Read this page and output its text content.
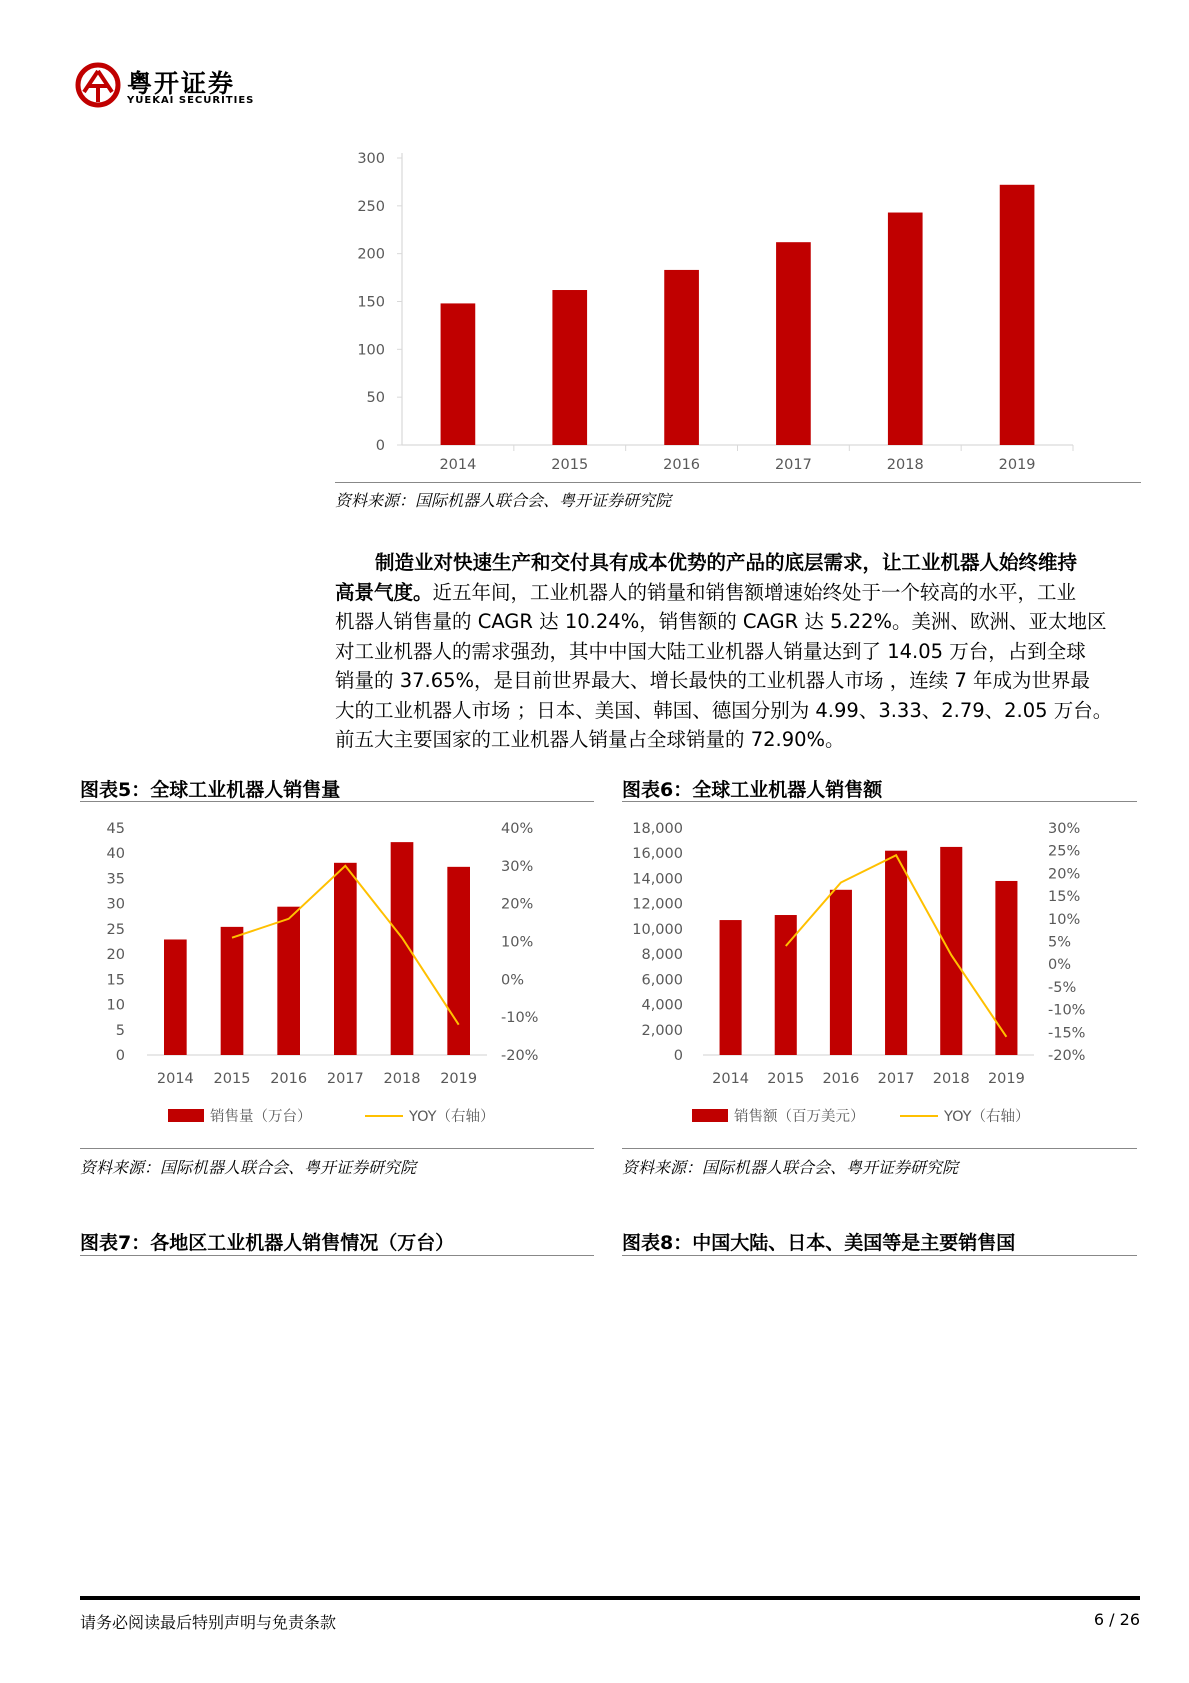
粤开证券
YUEKAI SECURITIES
0
50
100
150
200
250
300
2014	2015	2016	2017	2018	2019
资料来源：国际机器人联合会、粤开证券研究院

制造业对快速生产和交付具有成本优势的产品的底层需求，让工业机器人始终维持

高景气度。近五年间，工业机器人的销量和销售额增速始终处于一个较高的水平，工业

机器人销售量的 CAGR 达 10.24%，销售额的 CAGR 达 5.22%。美洲、欧洲、亚太地区

对工业机器人的需求强劲，其中中国大陆工业机器人销量达到了 14.05 万台，占到全球

销量的 37.65%，是目前世界最大、增长最快的工业机器人市场 ，连续 7 年成为世界最

大的工业机器人市场 ；日本、美国、韩国、德国分别为 4.99、3.33、2.79、2.05 万台。

前五大主要国家的工业机器人销量占全球销量的 72.90%。

图表5：全球工业机器人销售量
0
5
10
15
20
25
30
35
40
45
2014 2015 2016 2017 2018 2019
-20%
-10%
0%
10%
20%
30%
40%
销售量（万台）	YOY（右轴）
资料来源：国际机器人联合会、粤开证券研究院
图表6：全球工业机器人销售额
0
2,000
4,000
6,000
8,000
10,000
12,000
14,000
16,000
18,000
2014 2015 2016 2017 2018 2019
-20%
-15%
-10%
-5%
0%
5%
10%
15%
20%
25%
30%
销售额（百万美元）	YOY（右轴）
资料来源：国际机器人联合会、粤开证券研究院
图表7：各地区工业机器人销售情况（万台）	图表8：中国大陆、日本、美国等是主要销售国
请务必阅读最后特别声明与免责条款	6 / 26
